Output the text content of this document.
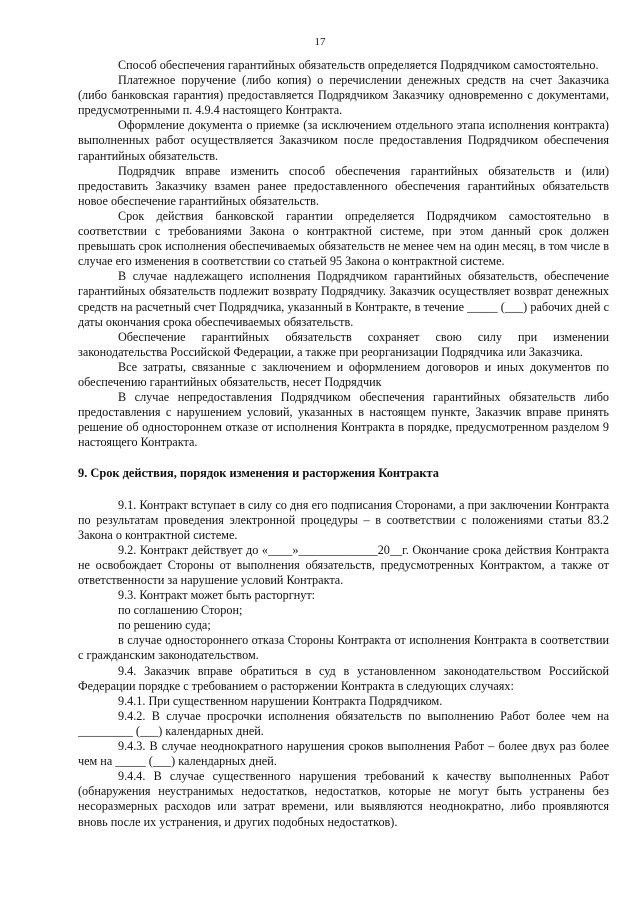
17

Способ обеспечения гарантийных обязательств определяется Подрядчиком самостоятельно.

Платежное поручение (либо копия) о перечислении денежных средств на счет Заказчика (либо банковская гарантия) предоставляется Подрядчиком Заказчику одновременно с документами, предусмотренными п. 4.9.4 настоящего Контракта.

Оформление документа о приемке (за исключением отдельного этапа исполнения контракта) выполненных работ осуществляется Заказчиком после предоставления Подрядчиком обеспечения гарантийных обязательств.

Подрядчик вправе изменить способ обеспечения гарантийных обязательств и (или) предоставить Заказчику взамен ранее предоставленного обеспечения гарантийных обязательств новое обеспечение гарантийных обязательств.

Срок действия банковской гарантии определяется Подрядчиком самостоятельно в соответствии с требованиями Закона о контрактной системе, при этом данный срок должен превышать срок исполнения обеспечиваемых обязательств не менее чем на один месяц, в том числе в случае его изменения в соответствии со статьей 95 Закона о контрактной системе.

В случае надлежащего исполнения Подрядчиком гарантийных обязательств, обеспечение гарантийных обязательств подлежит возврату Подрядчику. Заказчик осуществляет возврат денежных средств на расчетный счет Подрядчика, указанный в Контракте, в течение _____ (___) рабочих дней с даты окончания срока обеспечиваемых обязательств.

Обеспечение гарантийных обязательств сохраняет свою силу при изменении законодательства Российской Федерации, а также при реорганизации Подрядчика или Заказчика.

Все затраты, связанные с заключением и оформлением договоров и иных документов по обеспечению гарантийных обязательств, несет Подрядчик

В случае непредоставления Подрядчиком обеспечения гарантийных обязательств либо предоставления с нарушением условий, указанных в настоящем пункте, Заказчик вправе принять решение об одностороннем отказе от исполнения Контракта в порядке, предусмотренном разделом 9 настоящего Контракта.

9. Срок действия, порядок изменения и расторжения Контракта

9.1. Контракт вступает в силу со дня его подписания Сторонами, а при заключении Контракта по результатам проведения электронной процедуры – в соответствии с положениями статьи 83.2 Закона о контрактной системе.

9.2. Контракт действует до «____»_____________20__г. Окончание срока действия Контракта не освобождает Стороны от выполнения обязательств, предусмотренных Контрактом, а также от ответственности за нарушение условий Контракта.

9.3. Контракт может быть расторгнут:

по соглашению Сторон;

по решению суда;

в случае одностороннего отказа Стороны Контракта от исполнения Контракта в соответствии с гражданским законодательством.

9.4. Заказчик вправе обратиться в суд в установленном законодательством Российской Федерации порядке с требованием о расторжении Контракта в следующих случаях:

9.4.1. При существенном нарушении Контракта Подрядчиком.

9.4.2. В случае просрочки исполнения обязательств по выполнению Работ более чем на _________ (___) календарных дней.

9.4.3. В случае неоднократного нарушения сроков выполнения Работ – более двух раз более чем на _____ (___) календарных дней.

9.4.4. В случае существенного нарушения требований к качеству выполненных Работ (обнаружения неустранимых недостатков, недостатков, которые не могут быть устранены без несоразмерных расходов или затрат времени, или выявляются неоднократно, либо проявляются вновь после их устранения, и других подобных недостатков).
